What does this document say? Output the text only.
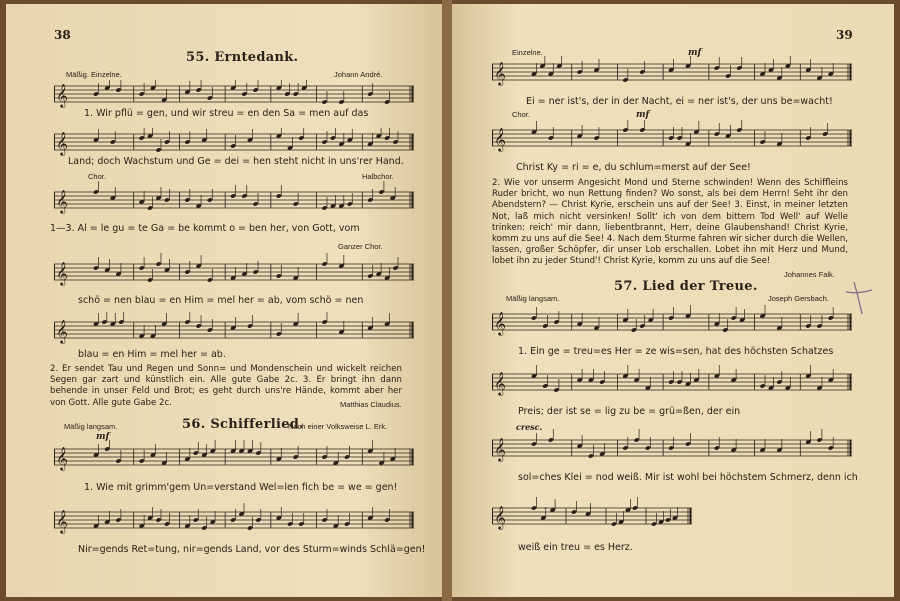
38
55. Erntedank.
Mäßig. Einzelne.	Johann André.
𝄞
1. Wir pflü = gen, und wir streu = en den Sa = men auf das
𝄞
Land; doch Wachstum und Ge = dei = hen steht nicht in uns'rer Hand.
Chor.	Halbchor.
𝄞
1—3. Al = le gu = te Ga = be kommt o = ben her, von Gott, vom
Ganzer Chor.
𝄞
schö = nen blau = en Him = mel her = ab, vom schö = nen
𝄞
blau = en Him = mel her = ab.
2. Er sendet Tau und Regen und Sonn= und Mondenschein und wickelt reichen Segen gar zart und künstlich ein. Alle gute Gabe 2c. 3. Er bringt ihn dann behende in unser Feld und Brot; es geht durch uns're Hände, kommt aber her von Gott. Alle gute Gabe 2c.	Matthias Claudius.
Mäßig langsam.	56. Schifferlied.
Nach einer Volksweise L. Erk.
mf
𝄞
1. Wie mit grimm'gem Un=verstand Wel=len fich be = we = gen!
𝄞
Nir=gends Ret=tung, nir=gends Land, vor des Sturm=winds Schlä=gen!
39
Einzelne.	mf
𝄞
Ei = ner ist's, der in der Nacht, ei = ner ist's, der uns be=wacht!
Chor.	mf
𝄞
Christ Ky = ri = e, du schlum=merst auf der See!
2. Wie vor unserm Angesicht Mond und Sterne schwinden! Wenn des Schiffleins Ruder bricht, wo nun Rettung finden? Wo sonst, als bei dem Herrn! Seht ihr den Abendstern? — Christ Kyrie, erschein uns auf der See! 3. Einst, in meiner letzten Not, laß mich nicht versinken! Sollt' ich von dem bittern Tod Well' auf Welle trinken: reich' mir dann, liebentbrannt, Herr, deine Glaubenshand! Christ Kyrie, komm zu uns auf die See! 4. Nach dem Sturme fahren wir sicher durch die Wellen, lassen, großer Schöpfer, dir unser Lob erschallen. Lobet ihn mit Herz und Mund, lobet ihn zu jeder Stund'! Christ Kyrie, komm zu uns auf die See!
Johannes Falk.
57. Lied der Treue.
Mäßig langsam.	Joseph Gersbach.
𝄞
1. Ein ge = treu=es Her = ze wis=sen, hat des höchsten Schatzes
𝄞
Preis; der ist se = lig zu be = grü=ßen, der ein
cresc.
𝄞
sol=ches Klei = nod weiß. Mir ist wohl bei höchstem Schmerz, denn ich
𝄞
weiß ein treu = es Herz.
